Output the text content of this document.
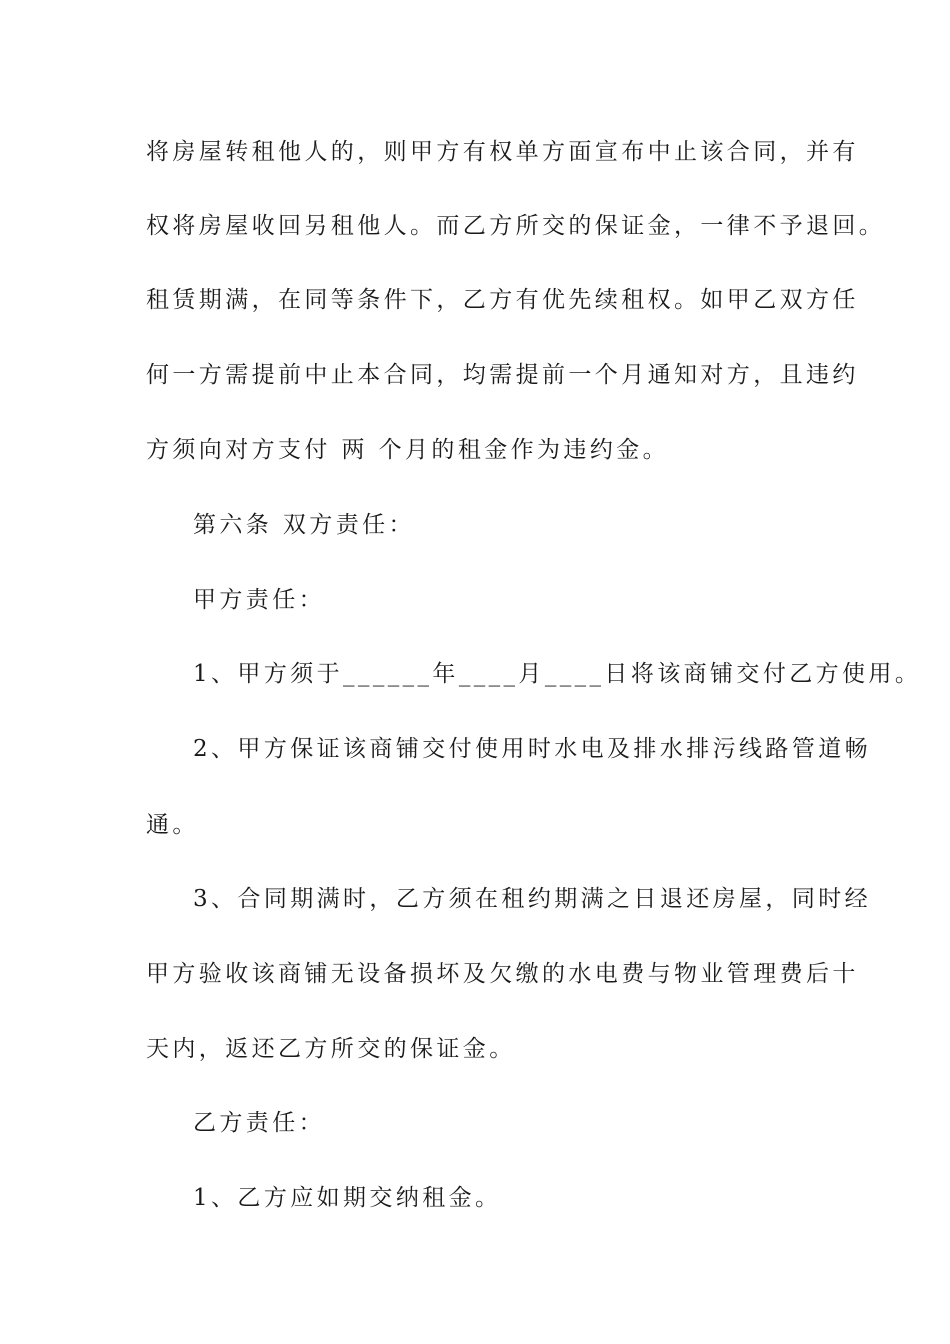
将房屋转租他人的，则甲方有权单方面宣布中止该合同，并有
权将房屋收回另租他人。而乙方所交的保证金，一律不予退回。
租赁期满，在同等条件下，乙方有优先续租权。如甲乙双方任
何一方需提前中止本合同，均需提前一个月通知对方，且违约
方须向对方支付 两 个月的租金作为违约金。
第六条 双方责任：
甲方责任：
1、甲方须于______年____月____日将该商铺交付乙方使用。
2、甲方保证该商铺交付使用时水电及排水排污线路管道畅
通。
3、合同期满时，乙方须在租约期满之日退还房屋，同时经
甲方验收该商铺无设备损坏及欠缴的水电费与物业管理费后十
天内，返还乙方所交的保证金。
乙方责任：
1、乙方应如期交纳租金。
